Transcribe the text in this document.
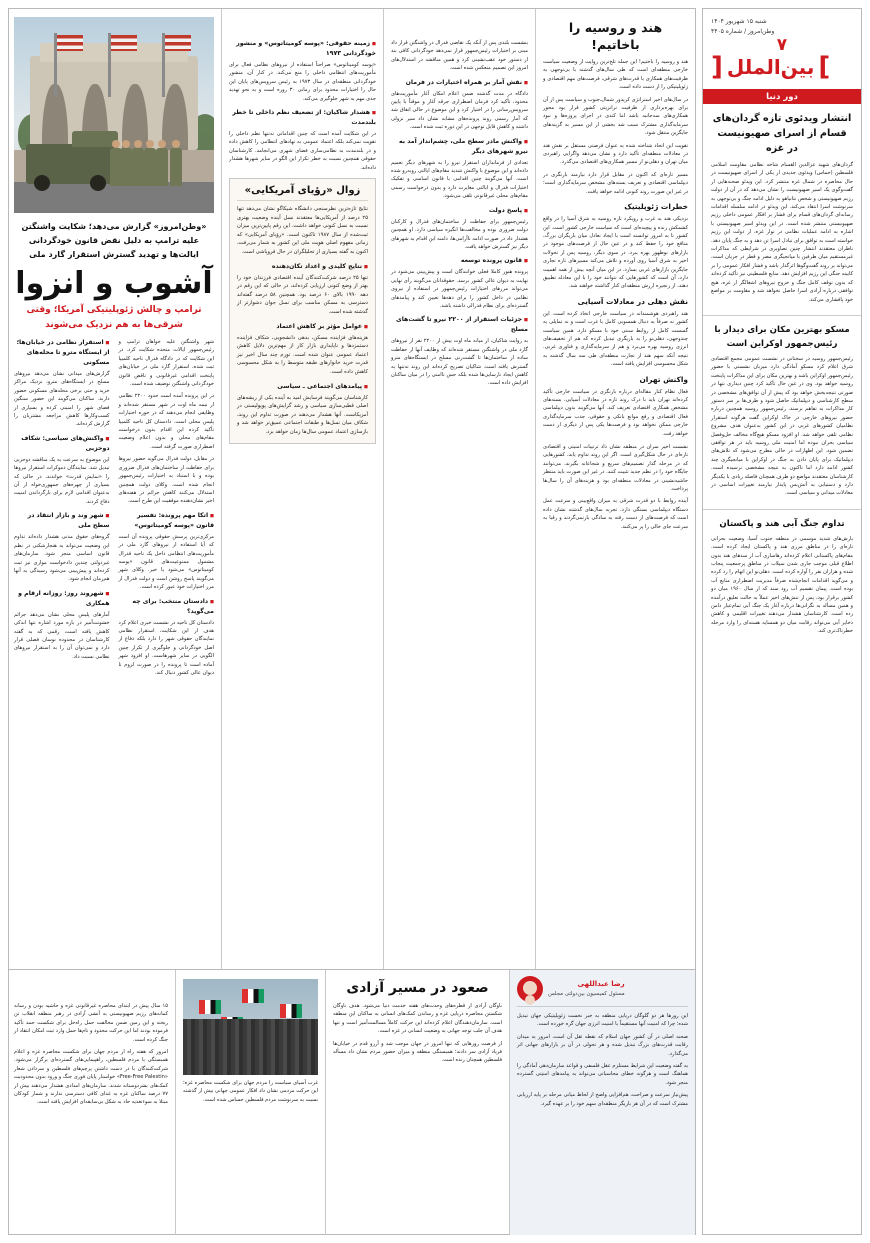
هند و روسیه را باخاتیم!
هند و روسیه را باختیم! این جمله تلخ‌ترین روایت از وضعیت سیاست خارجی منطقه‌ای است که طی سال‌های گذشته با بی‌توجهی به ظرفیت‌های همکاری با قدرت‌های شرقی، فرصت‌های مهم اقتصادی و ژئوپلیتیکی را از دست داده است.
در سال‌های اخیر استراتژی کریدور شمال‌ـ‌جنوب و سیاست پس از آن برای بهره‌برداری از ظرفیت ترانزیتی کشور قرار بود محور همکاری‌های سه‌جانبه باشد اما کندی در اجرای پروژه‌ها و نبود سرمایه‌گذاری مشترک سبب شد بخشی از این مسیر به گزینه‌های جایگزین منتقل شود.
تقویت این اتحاد شناخته شده به عنوان فرصتی مستقل بر نقش هند در معادلات منطقه‌ای تأکید دارد و نشان می‌دهد واگرایی راهبردی میان تهران و دهلی‌نو از مسیر همکاری‌های اقتصادی می‌گذرد.
مسیر تازه‌ای که اکنون در مقابل قرار دارد نیازمند بازنگری در دیپلماسی اقتصادی و تعریف بسته‌های مشخص سرمایه‌گذاری است؛ در غیر این صورت روند کنونی ادامه خواهد یافت.
خطرات ژئوپلیتیک
نزدیکی هند به غرب و رویکرد تازه روسیه به شرق آسیا را در واقع کشمکش زنده و پیچیده‌ای است که سیاست خارجی کشور است. این کشور تا به امروز توانسته است با ایجاد تعادل میان بازیگران بزرگ، منافع خود را حفظ کند و در عین حال از فرصت‌های موجود در بازارهای نوظهور بهره ببرد. در سوی دیگر، روسیه پس از تحولات اخیر به شرق آسیا روی آورده و تلاش می‌کند مسیرهای تازه تجاری جایگزین بازارهای غربی بسازد. در این میان آنچه بیش از همه اهمیت دارد، آن است که کشورهایی که نتوانند خود را با این معادله تطبیق دهند، از زنجیره ارزش منطقه‌ای کنار گذاشته خواهند شد.
نقش دهلی در معادلات آسیایی
هند راهبردی هوشمندانه در سیاست خارجی اتخاذ کرده است. این کشور نه صرفاً به دنبال همسویی کامل با غرب است و نه تمایلی به گسست کامل از روابط سنتی خود با مسکو دارد. همین سیاست چندوجهی، دهلی‌نو را به بازیگری تبدیل کرده که هم از تخفیف‌های انرژی روسیه بهره می‌برد و هم از سرمایه‌گذاری و فناوری غربی. نتیجه آنکه سهم هند از تجارت منطقه‌ای طی سه سال گذشته به شکل محسوسی افزایش یافته است.
واکنش تهران
فعال نظام کنار مقاله‌ای درباره بازنگری در سیاست خارجی تأکید کرده‌اند تهران باید با درک روند تازه در معادلات آسیایی، بسته‌های مشخص همکاری اقتصادی تعریف کند. آنها می‌گویند بدون دیپلماسی فعال اقتصادی و رفع موانع بانکی و حقوقی، جذب سرمایه‌گذاری خارجی ممکن نخواهد بود و فرصت‌ها یکی پس از دیگری از دست خواهد رفت.
نشست اخیر سران در منطقه نشان داد ترتیبات امنیتی و اقتصادی تازه‌ای در حال شکل‌گیری است. اگر این روند تداوم یابد، کشورهایی که در مرحله گذار تصمیم‌های سریع و شجاعانه بگیرند، می‌توانند جایگاه خود را در نظم جدید تثبیت کنند. در غیر این صورت باید منتظر حاشیه‌نشینی در معادلات منطقه‌ای بود و هزینه‌های آن را سال‌ها پرداخت.
آینده روابط با دو قدرت شرقی به میزان واقع‌بینی و سرعت عمل دستگاه دیپلماسی بستگی دارد. تجربه سال‌های گذشته نشان داده است که فرصت‌های از دست رفته به سادگی بازنمی‌گردند و رقبا به سرعت جای خالی را پر می‌کنند.
بنشست بلندی پس از آنکه یک تقاضی فدرال در واشنگتن قرار داد مبنی بر اختیارات رئیس‌جمهور قرار نمی‌دهد خودگردانی کافی بند از دستور خود عقب‌نشینی کرد و همین مناقشه در استدلال‌های امروز این تصمیم منعکس شده است.
◼ نقش آمار بر همراه اختیارات در فرمان
دادگاه در مدت گذشته ضمن اعلام امکان آغاز مأموریت‌های محدود، تأکید کرد فرمان اضطراری جرقه آغاز و موقتاً با پایین سرویس‌رسانی را در اختیار کرد و این موضوع در حالی اتفاق شد که آمار رسمی روند پرونده‌های مشابه نشان داد سیر نزولی داشته و کاهش قابل توجهی در این دوره ثبت شده است.
◼ واکنش مادر سطح ملی، چشم‌انداز آمد به نیرو شهرهای دیگر
تعدادی از فرمانداران استقرار نیرو را به شهرهای دیگر تعمیم داده‌اند و این موضوع با واکنش شدید مقام‌های ایالتی روبه‌رو شده است. آنها می‌گویند چنین اقدامی با قانون اساسی و تفکیک اختیارات فدرال و ایالتی مغایرت دارد و بدون درخواست رسمی مقام‌های محلی غیرقانونی تلقی می‌شود.
◼ پاسخ دولت
رئیس‌جمهور برای حفاظت از ساختمان‌های فدرال و کارکنان دولت ضروری بوده و مخالفت‌ها انگیزه سیاسی دارد. او همچنین هشدار داد در صورت ادامه ناآرامی‌ها، دامنه این اقدام به شهرهای دیگر نیز گسترش خواهد یافت.
◼ قانون پرونده توسعه
پرونده هنوز کاملا فعلی خوانندگان است و پیش‌بینی می‌شود در نهایت به دیوان عالی کشور برسد. حقوقدانان می‌گویند رأی نهایی می‌تواند مرزهای اختیارات رئیس‌جمهور در استفاده از نیروی نظامی در داخل کشور را برای دهه‌ها تعیین کند و پیامدهای گسترده‌ای برای نظام فدرالی داشته باشد.
◼ جزئیات استقرار از ۲۲۰۰ نیرو تا گشت‌های مسلح
به روایت شاکیان، از میانه ماه اوت بیش از ۲۲۰۰ نفر از نیروهای گارد ملی در واشنگتن مستقر شده‌اند که وظایف آنها از حفاظت ساده از ساختمان‌ها تا گشت‌زنی مسلح در ایستگاه‌های مترو گسترش یافته است. شاکیان تصریح کرده‌اند این روند نه‌تنها به کاهش ایجاد نارسایی‌ها شده بلکه حس ناامنی را در میان ساکنان افزایش داده است.
◼ زمینه حقوقی: «پوسه کومیتاتوس» و منشور خودگردانی ۱۹۷۳
«پوسه کومیتاتوس» صراحتاً استفاده از نیروهای نظامی فعال برای مأموریت‌های انتظامی داخلی را منع می‌کند. در کنار آن، منشور خودگردانی منطقه‌ای در سال ۱۹۷۳ به رئیس سرویس‌های پایان این حال را اختیارات محدود برای زمانی ۳۰ روزه است و به نحو تهدید جدی مهم به شهر جلوگیری می‌کند.
◼ هشدار شاکیان: از تضعیف نظم داخلی تا خطر بلندمدت
در این شکایت آمده است که چنین اقداماتی نه‌تنها نظم داخلی را تقویت نمی‌کند بلکه اعتماد عمومی به نهادهای انتظامی را کاهش داده و در بلندمدت به نظامی‌سازی فضای شهری می‌انجامد. کارشناسان حقوقی همچنین نسبت به خطر تکرار این الگو در سایر شهرها هشدار داده‌اند.
زوال «رؤیای آمریکایی»
نتایج تازه‌ترین نظرسنجی دانشگاه شیکاگو نشان می‌دهد تنها ۲۵ درصد از آمریکایی‌ها معتقدند نسل آینده وضعیت بهتری نسبت به نسل کنونی خواهد داشت. این رقم پایین‌ترین میزان ثبت‌شده از سال ۱۹۸۷ تاکنون است. «رؤیای آمریکایی» که زمانی مفهوم اصلی هویت ملی این کشور به شمار می‌رفت، اکنون به گفته بسیاری از تحلیلگران در حال فروپاشی است.
◼ نتایج کلیدی و اعداد تکان‌دهنده
تنها ۲۵ درصد شرکت‌کنندگان آینده اقتصادی فرزندان خود را بهتر از وضع کنونی ارزیابی کرده‌اند، در حالی که این رقم در دهه ۱۹۹۰ بالای ۶۰ درصد بود. همچنین ۵۸ درصد گفته‌اند دسترسی به مسکن مناسب برای نسل جوان دشوارتر از گذشته شده است.
◼ عوامل مؤثر بر کاهش اعتماد
هزینه‌های فزاینده مسکن، بدهی دانشجویی، شکاف فزاینده دستمزدها و ناپایداری بازار کار از مهم‌ترین دلایل کاهش اعتماد عمومی عنوان شده است. تورم چند سال اخیر نیز قدرت خرید خانوارهای طبقه متوسط را به شکل محسوسی کاهش داده است.
◼ پیامدهای اجتماعی ـ سیاسی
کارشناسان می‌گویند فرسایش امید به آینده یکی از ریشه‌های اصلی قطبی‌سازی سیاسی و رشد گرایش‌های پوپولیستی در آمریکاست. آنها هشدار می‌دهند در صورت تداوم این روند، شکاف میان نسل‌ها و طبقات اجتماعی عمیق‌تر خواهد شد و بازسازی اعتماد عمومی سال‌ها زمان خواهد برد.
«وطن‌امروز» گزارش می‌دهد؛ شکایت واشنگتن علیه ترامپ به دلیل نقض قانون خودگردانی ایالت‌ها و تهدید گسترش استقرار گارد ملی
آشوب و انزوا
ترامپ و چالش ژئوپلیتیکی آمریکا؛ وقتی شرقی‌ها به هم نزدیک می‌شوند
شهر واشنگتن علیه خواهان ترامپ و رئیس‌جمهور ایالات متحده شکایت کرد. در این شکایت که در دادگاه فدرال ناحیه کلمبیا ثبت شده، استقرار گارد ملی در خیابان‌های پایتخت اقدامی غیرقانونی و ناقض قانون خودگردانی واشنگتن توصیف شده است.
در این پرونده آمده است حدود ۲۲۰۰ نظامی از نیمه ماه اوت در شهر مستقر شده‌اند و وظایفی انجام می‌دهند که در حوزه اختیارات پلیس محلی است. دادستان کل ناحیه کلمبیا تأکید کرده این اقدام بدون درخواست مقام‌های محلی و بدون اعلام وضعیت اضطراری صورت گرفته است.
در مقابل، دولت فدرال می‌گوید حضور نیروها برای حفاظت از ساختمان‌های فدرال ضروری بوده و با استناد به اختیارات رئیس‌جمهور انجام شده است. وکلای دولت همچنین استدلال می‌کنند کاهش جرائم در هفته‌های اخیر نشان‌دهنده موفقیت این طرح است.
◼ اتکا مهم پرونده: تفسیر قانون «پوسه کومیتاتوس»
مرکزی‌ترین پرسش حقوقی پرونده آن است که آیا استفاده از نیروهای گارد ملی در مأموریت‌های انتظامی داخل یک ناحیه فدرال مشمول ممنوعیت‌های قانون «پوسه کومیتاتوس» می‌شود یا خیر. وکلای شهر می‌گویند پاسخ روشن است و دولت فدرال از مرز اختیارات خود عبور کرده است.
◼ دادستان منتخب: برای چه می‌گوید؟
دادستان کل ناحیه در نشست خبری اعلام کرد هدف از این شکایت، استقرار نظامی نمایندگان حقوقی شهر را دارد بلکه دفاع از اصل خودگردانی و جلوگیری از تکرار چنین الگویی در سایر شهرهاست. او افزود شهر آماده است تا پرونده را در صورت لزوم تا دیوان عالی کشور دنبال کند.
◼ استقرار نظامی در خیابان‌ها؛ از ایستگاه مترو تا محله‌های مسکونی
گزارش‌های میدانی نشان می‌دهد نیروهای مسلح در ایستگاه‌های مترو، نزدیک مراکز خرید و حتی برخی محله‌های مسکونی حضور دارند. ساکنان می‌گویند این حضور سنگین فضای شهر را امنیتی کرده و بسیاری از کسب‌وکارها کاهش مراجعه مشتریان را گزارش کرده‌اند.
◼ واکنش‌های سیاسی: شکاف دوحزبی
این موضوع به سرعت به یک مناقشه دوحزبی تبدیل شد. نمایندگان دموکرات استقرار نیروها را «نمایش قدرت» خواندند، در حالی که بسیاری از چهره‌های جمهوری‌خواه از آن به‌عنوان اقدامی لازم برای بازگرداندن امنیت دفاع کردند.
◼ شهر وند و بازار انتقاد در سطح ملی
گروه‌های حقوق مدنی هشدار داده‌اند تداوم این وضعیت می‌تواند به هنجارشکنی در نظم قانون اساسی منجر شود. سازمان‌های غیردولتی چندین دادخواست موازی نیز ثبت کرده‌اند و پیش‌بینی می‌شود رسیدگی به آنها هم‌زمان انجام شود.
◼ شهروند روز: روزانه ارقام و همکاری
آمارهای پلیس محلی نشان می‌دهد جرائم خشونت‌آمیز در بازه مورد اشاره تنها اندکی کاهش یافته است، رقمی که به گفته کارشناسان در محدوده نوسان فصلی قرار دارد و نمی‌توان آن را به استقرار نیروهای نظامی نسبت داد.
رضا عبداللهی
مسئول کمیسیون بین‌دولتی مجلس
این روزها هر دو گلوگان دریایی منطقه به خبر نخست ژئوپلیتیکی جهان تبدیل شده؛ چرا که امنیت آنها مستقیماً با امنیت انرژی جهان گره خورده است.
صحنه اصلی در آن کشور جهان اسلام که نقطه ثقل آن است، امروز به میدان رقابت قدرت‌های بزرگ تبدیل شده و هر تحولی در آن بر بازارهای جهانی اثر می‌گذارد.
به گفته وضعیت این شرایط مستلزم عقل فلسفی و قواعد سازمان‌دهی آمادگی را هماهنگ است و هرگونه خطای محاسباتی می‌تواند به پیامدهای امنیتی گسترده منجر شود.
پیش‌نیاز سرعت و صراحت، هم‌افزایی واضح از لحاظ میانی مرحله بر پایه ارزیابی مشترک است که در آن هر بازیگر منطقه‌ای سهم خود را بر عهده گیرد.
صعود در مسیر آزادی
ناوگان آزادی از قطره‌های وحدت‌های هفته خدمت دنیا می‌شود. هدف ناوگان شکستن محاصره دریایی غزه و رساندن کمک‌های انسانی به ساکنان این منطقه است. سازمان‌دهندگان اعلام کرده‌اند این حرکت کاملاً مسالمت‌آمیز است و تنها هدف آن جلب توجه جهانی به وضعیت انسانی در غزه است.
از فرصت روزهایی که تنها امروز در جهان موجب شد و آرزو قدم در خیابان‌ها فریاد آزادی سر دادند؛ همبستگی منطقه و میزان حضور مردم نشان داد مسأله فلسطین همچنان زنده است.
غرب آسیای سیاست را مردم جهان برای شکست محاصره غزه؛ این حرکت مردمی نشان داد افکار عمومی جهانی بیش از گذشته نسبت به سرنوشت مردم فلسطین حساس شده است.
۱۵ سال پیش در ابتدای محاصره غیرقانونی غزه و حاشیه بودن و رسانه کمانه‌های رژیم صهیونیستی به آتشی آزادی در رهبر منطقه انقلاب تن ریخته و این زمین ضمن مخالفت حمل راه‌حل برای شکست حمد تأکید فرموده بودند اما این حرکت محدود و نام‌ها حمل وارد ثبت امکان انتقاد از جنگ کرده است.
امروز که هفته راه از مردم جهان برای شکست محاصره غزه و اعلام همبستگی با مردم فلسطین، راهپیمایی‌های گسترده‌ای برگزار می‌شود. شرکت‌کنندگان با در دست داشتن پرچم‌های فلسطین و سردادن شعار «Free-Free Palestin» خواستار پایان فوری جنگ و ورود بدون محدودیت کمک‌های بشردوستانه شدند. سازمان‌های امدادی هشدار می‌دهند بیش از ۷۷ درصد ساکنان غزه به غذای کافی دسترسی ندارند و شمار کودکان مبتلا به سوء‌تغذیه حاد به شکل بی‌سابقه‌ای افزایش یافته است.
شنبه ۱۵ شهریور ۱۴۰۴
وطن‌امروز / شماره ۴۴۰۵
۷
]
بین‌الملل
[
دور دنیا
انتشار ویدئوی تازه گردان‌های قسام از اسرای صهیونیست در غزه
گردان‌های شهید عزالدین القسام شاخه نظامی مقاومت اسلامی فلسطین (حماس) ویدئوی جدیدی از یکی از اسرای صهیونیست در حال محاصره در شمال غزه منتشر کرد. این ویدئو صحنه‌هایی از گفت‌وگوی یک اسیر صهیونیست را نشان می‌دهد که در آن از دولت رژیم صهیونیستی و شخص نتانیاهو به دلیل ادامه جنگ و بی‌توجهی به سرنوشت اسرا انتقاد می‌کند. این ویدئو در ادامه سلسله اقدامات رسانه‌ای گردان‌های قسام برای فشار بر افکار عمومی داخلی رژیم صهیونیستی منتشر شده است. در این ویدئو اسیر صهیونیستی با اشاره به ادامه عملیات نظامی در نوار غزه، از دولت این رژیم خواسته است به توافق برای تبادل اسرا تن دهد و به جنگ پایان دهد. ناظران معتقدند انتشار چنین تصاویری در شرایطی که مذاکرات غیرمستقیم میان طرفین با میانجیگری مصر و قطر در جریان است، می‌تواند بر روند گفت‌وگوها اثرگذار باشد و فشار افکار عمومی را بر کابینه جنگی این رژیم افزایش دهد. منابع فلسطینی نیز تأکید کرده‌اند که بدون توقف کامل جنگ و خروج نیروهای اشغالگر از غزه، هیچ توافقی درباره آزادی اسرا حاصل نخواهد شد و مقاومت بر مواضع خود پافشاری می‌کند.
مسکو بهترین مکان برای دیدار با رئیس‌جمهور اوکراین است
رئیس‌جمهور روسیه در سخنانی در نشست عمومی مجمع اقتصادی شرق اعلام کرد مسکو آمادگی دارد میزبان نشستی با حضور رئیس‌جمهور اوکراین باشد و بهترین مکان برای این مذاکرات پایتخت روسیه خواهد بود. وی در عین حال تأکید کرد چنین دیداری تنها در صورتی نتیجه‌بخش خواهد بود که پیش از آن توافق‌های مشخصی در سطح کارشناسی و دیپلماتیک حاصل شود و طرف‌ها بر سر دستور کار مذاکرات به تفاهم برسند. رئیس‌جمهور روسیه همچنین درباره حضور نیروهای خارجی در خاک اوکراین گفت هرگونه استقرار نظامیان کشورهای غربی در این کشور به‌عنوان هدف مشروع نظامی تلقی خواهد شد. او افزود مسکو هیچ‌گاه مخالف حل‌وفصل سیاسی بحران نبوده اما امنیت ملی روسیه باید در هر توافقی تضمین شود. این اظهارات در حالی مطرح می‌شود که تلاش‌های دیپلماتیک برای پایان دادن به جنگ در اوکراین با میانجیگری چند کشور ادامه دارد اما تاکنون به نتیجه مشخصی نرسیده است. کارشناسان معتقدند مواضع دو طرف همچنان فاصله زیادی با یکدیگر دارد و دستیابی به آتش‌بس پایدار نیازمند تغییرات اساسی در معادلات میدانی و سیاسی است.
تداوم جنگ آبی هند و پاکستان
بارش‌های شدید موسمی در منطقه جنوب آسیا، وضعیت بحرانی تازه‌ای را در مناطق مرزی هند و پاکستان ایجاد کرده است. مقام‌های پاکستانی اعلام کرده‌اند رهاسازی آب از سدهای هند بدون اطلاع قبلی موجب جاری شدن سیلاب در مناطق پرجمعیت پنجاب شده و هزاران نفر را آواره کرده است. دهلی‌نو این اتهام را رد کرده و می‌گوید اقدامات انجام‌شده صرفاً مدیریت اضطراری منابع آب بوده است. پیمان تقسیم آب رود سند که از سال ۱۹۶۰ میان دو کشور برقرار بود، پس از تنش‌های اخیر عملاً به حالت تعلیق درآمده و همین مسأله به نگرانی‌ها درباره آغاز یک جنگ آبی تمام‌عیار دامن زده است. کارشناسان هشدار می‌دهند تغییرات اقلیمی و کاهش ذخایر آبی می‌تواند رقابت میان دو همسایه هسته‌ای را وارد مرحله خطرناک‌تری کند.
